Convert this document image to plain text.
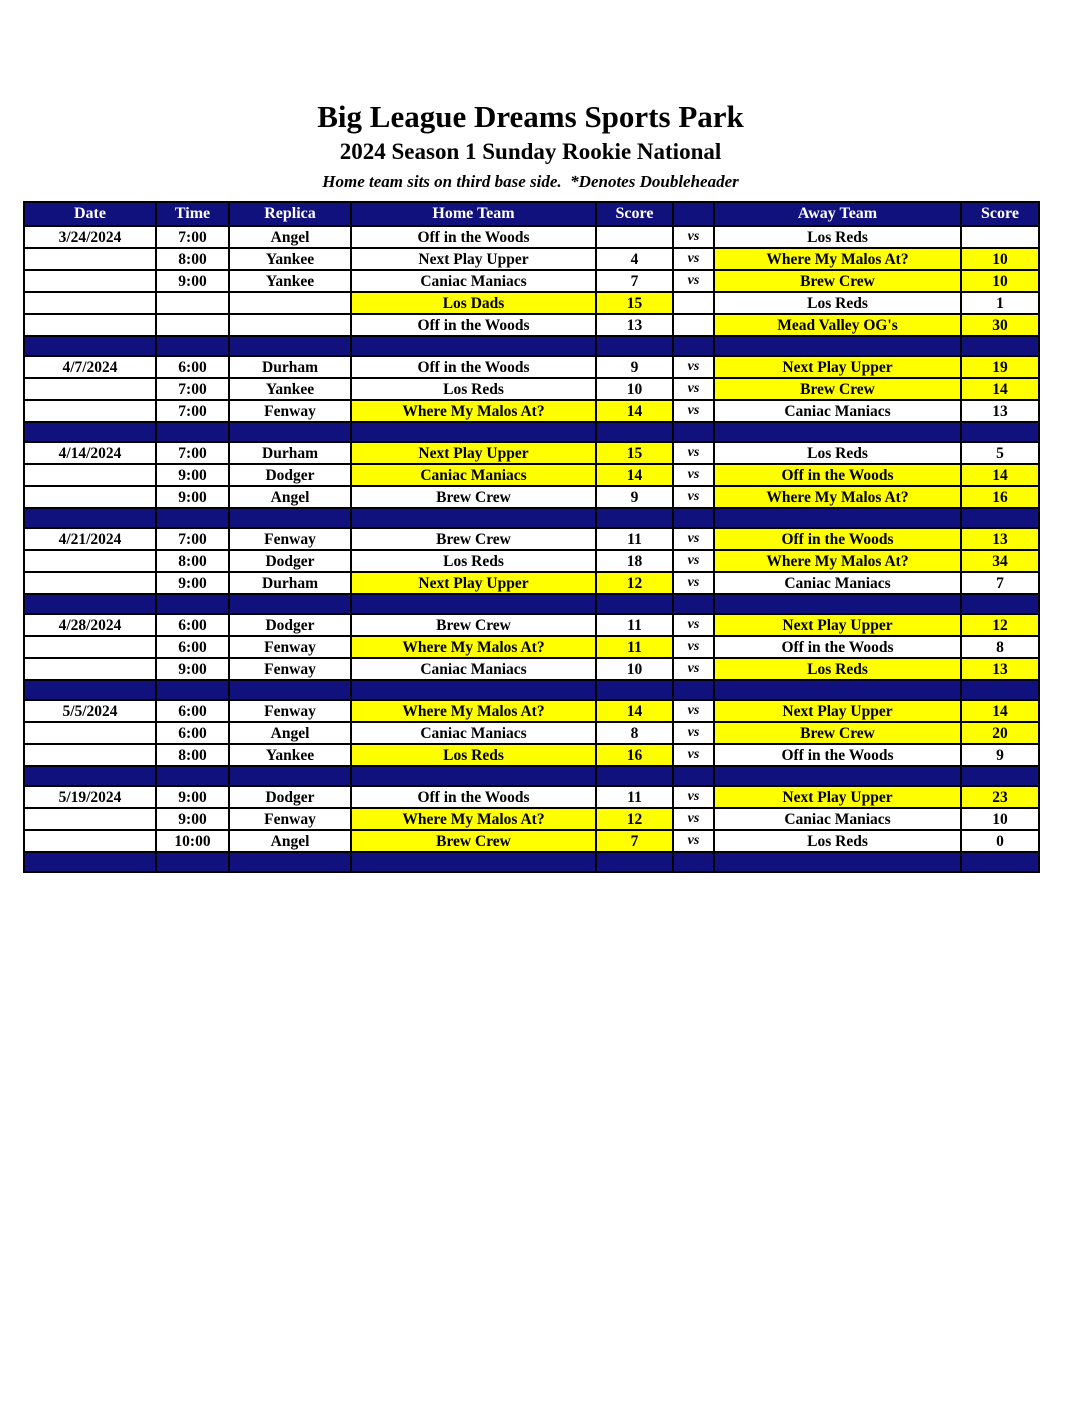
Big League Dreams Sports Park
2024 Season 1 Sunday Rookie National
Home team sits on third base side.  *Denotes Doubleheader
Date	Time	Replica	Home Team	Score		Away Team	Score
3/24/2024	7:00	Angel	Off in the Woods		vs	Los Reds	
	8:00	Yankee	Next Play Upper	4	vs	Where My Malos At?	10
	9:00	Yankee	Caniac Maniacs	7	vs	Brew Crew	10
			Los Dads	15		Los Reds	1
			Off in the Woods	13		Mead Valley OG's	30

4/7/2024	6:00	Durham	Off in the Woods	9	vs	Next Play Upper	19
	7:00	Yankee	Los Reds	10	vs	Brew Crew	14
	7:00	Fenway	Where My Malos At?	14	vs	Caniac Maniacs	13

4/14/2024	7:00	Durham	Next Play Upper	15	vs	Los Reds	5
	9:00	Dodger	Caniac Maniacs	14	vs	Off in the Woods	14
	9:00	Angel	Brew Crew	9	vs	Where My Malos At?	16

4/21/2024	7:00	Fenway	Brew Crew	11	vs	Off in the Woods	13
	8:00	Dodger	Los Reds	18	vs	Where My Malos At?	34
	9:00	Durham	Next Play Upper	12	vs	Caniac Maniacs	7

4/28/2024	6:00	Dodger	Brew Crew	11	vs	Next Play Upper	12
	6:00	Fenway	Where My Malos At?	11	vs	Off in the Woods	8
	9:00	Fenway	Caniac Maniacs	10	vs	Los Reds	13

5/5/2024	6:00	Fenway	Where My Malos At?	14	vs	Next Play Upper	14
	6:00	Angel	Caniac Maniacs	8	vs	Brew Crew	20
	8:00	Yankee	Los Reds	16	vs	Off in the Woods	9

5/19/2024	9:00	Dodger	Off in the Woods	11	vs	Next Play Upper	23
	9:00	Fenway	Where My Malos At?	12	vs	Caniac Maniacs	10
	10:00	Angel	Brew Crew	7	vs	Los Reds	0
